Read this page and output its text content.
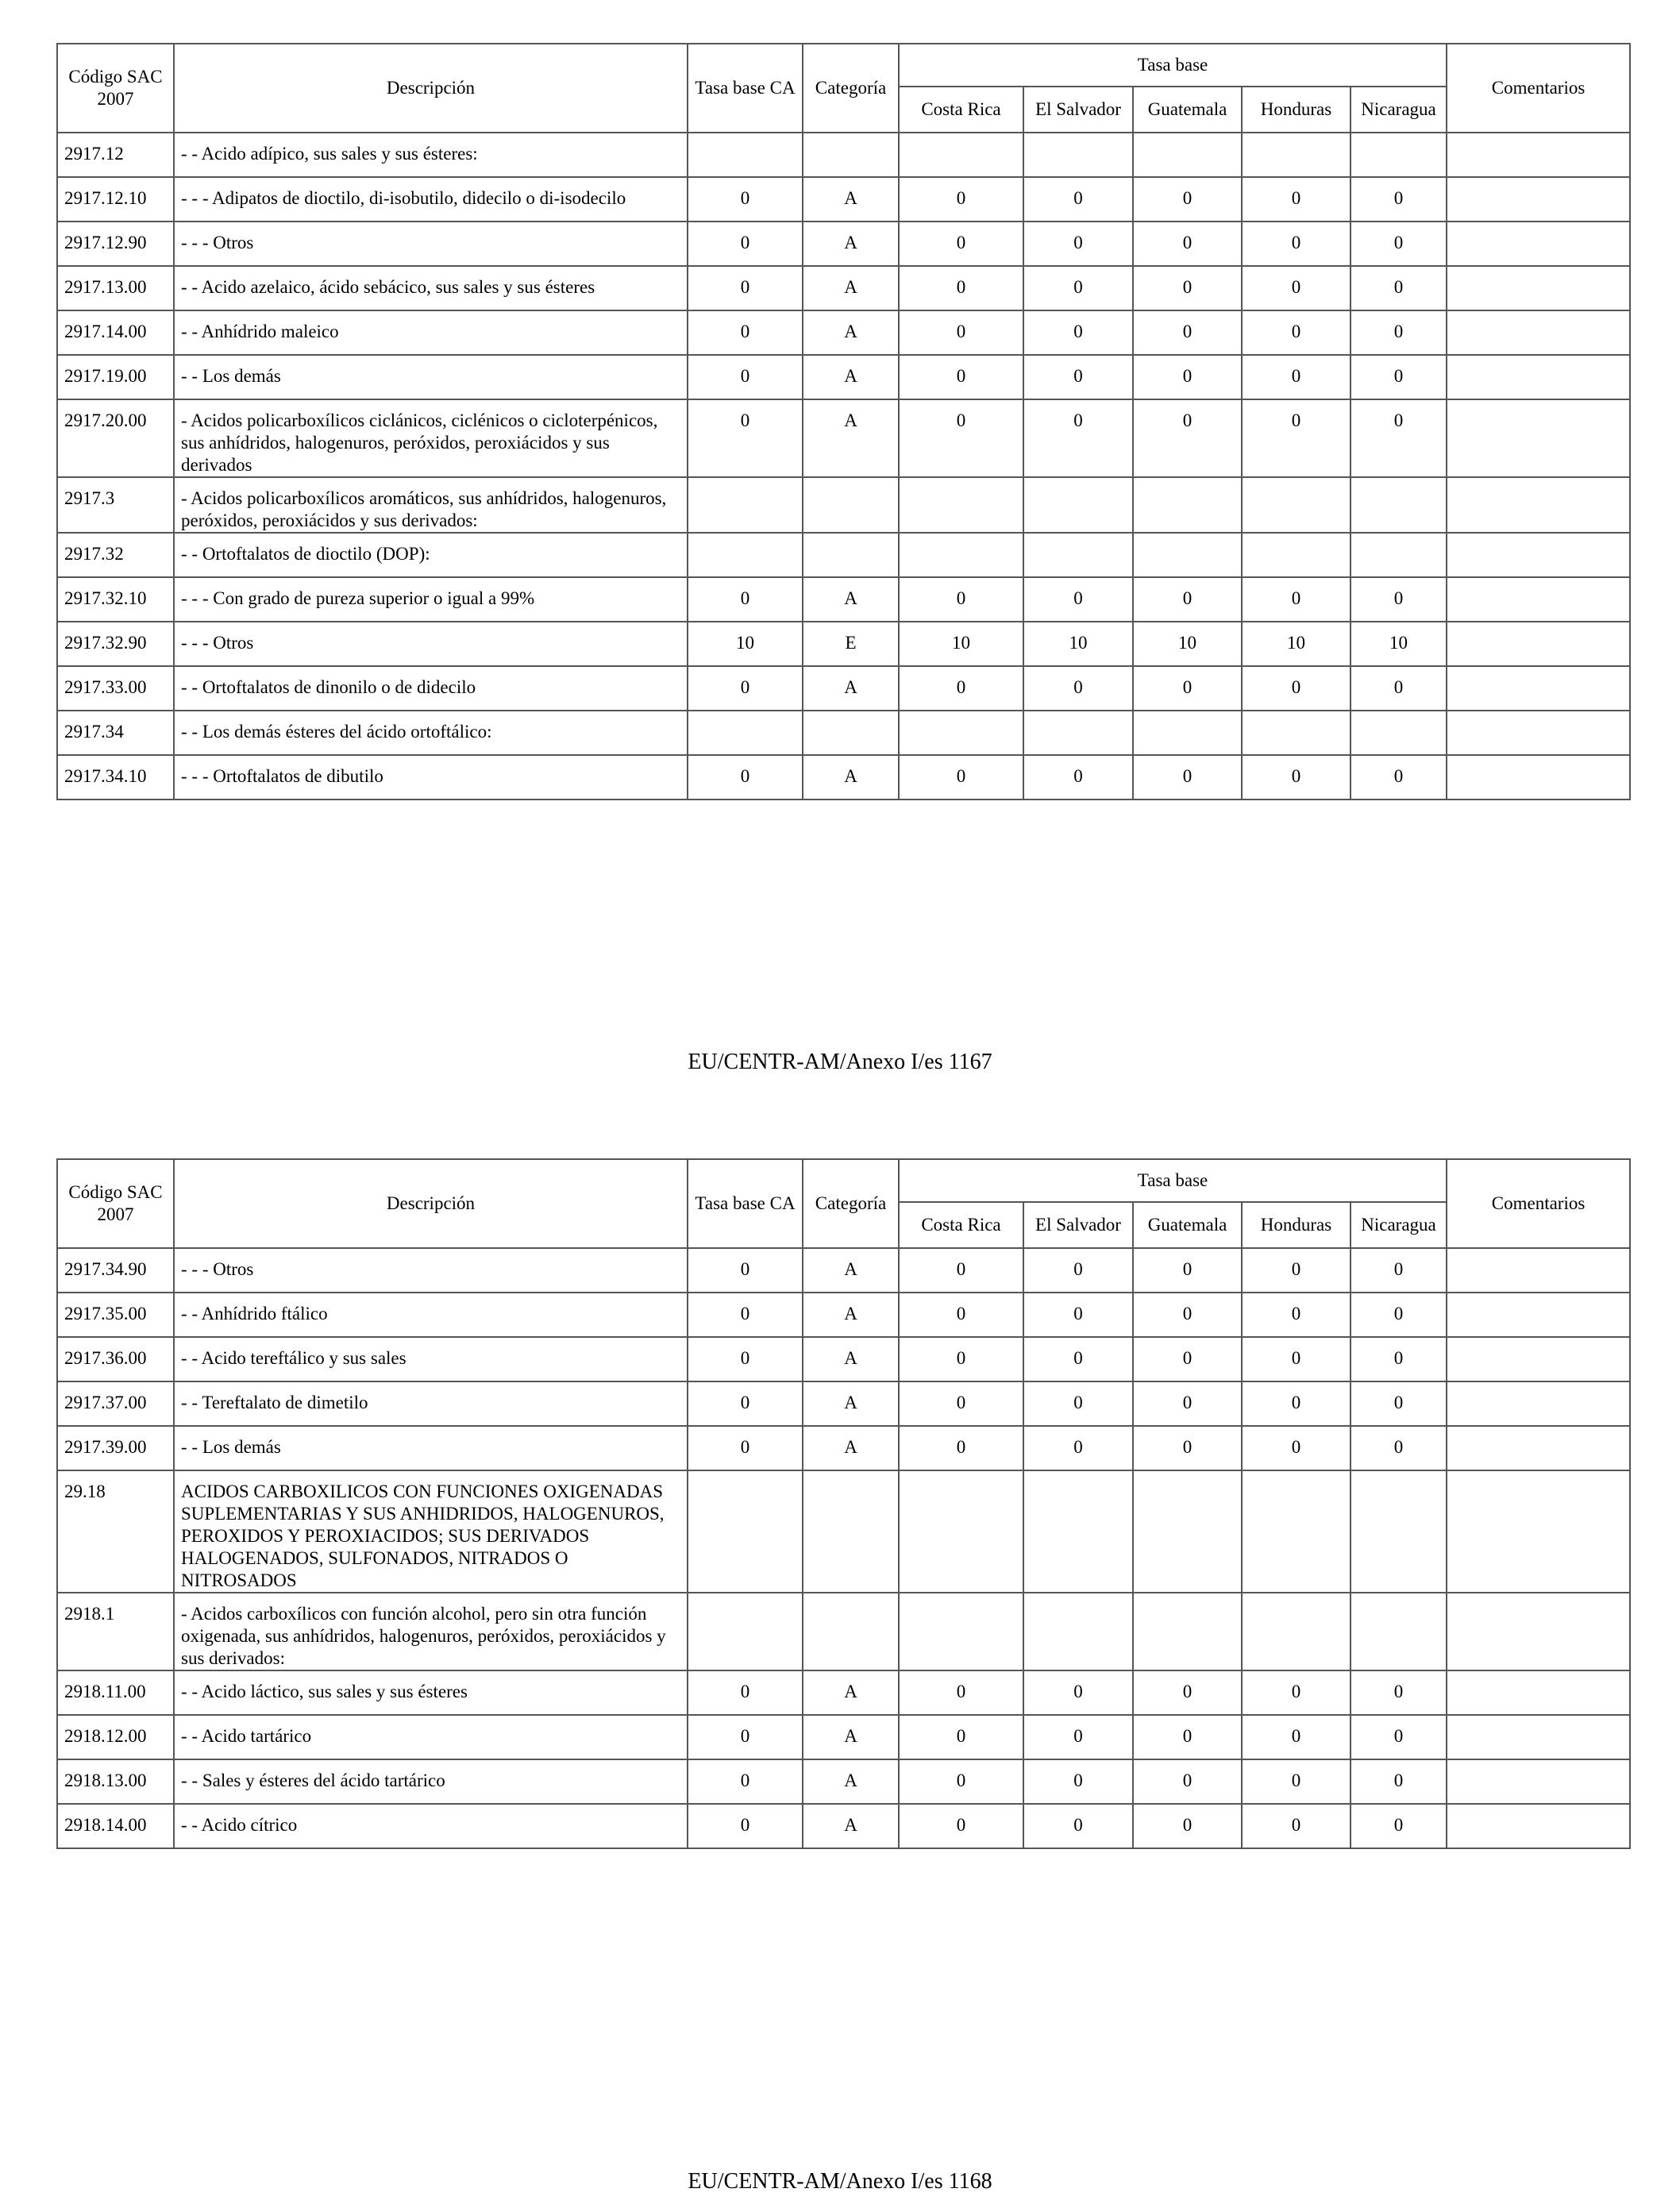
Código SAC 2007	Descripción	Tasa base CA	Categoría	Tasa base					Comentarios
				Costa Rica	El Salvador	Guatemala	Honduras	Nicaragua	
2917.12	- - Acido adípico, sus sales y sus ésteres:								
2917.12.10	- - - Adipatos de dioctilo, di-isobutilo, didecilo o di-isodecilo	0	A	0	0	0	0	0	
2917.12.90	- - - Otros	0	A	0	0	0	0	0	
2917.13.00	- - Acido azelaico, ácido sebácico, sus sales y sus ésteres	0	A	0	0	0	0	0	
2917.14.00	- - Anhídrido maleico	0	A	0	0	0	0	0	
2917.19.00	- - Los demás	0	A	0	0	0	0	0	
2917.20.00	- Acidos policarboxílicos ciclánicos, ciclénicos o cicloterpénicos, sus anhídridos, halogenuros, peróxidos, peroxiácidos y sus derivados	0	A	0	0	0	0	0	
2917.3	- Acidos policarboxílicos aromáticos, sus anhídridos, halogenuros, peróxidos, peroxiácidos y sus derivados:								
2917.32	- - Ortoftalatos de dioctilo (DOP):								
2917.32.10	- - - Con grado de pureza superior o igual a 99%	0	A	0	0	0	0	0	
2917.32.90	- - - Otros	10	E	10	10	10	10	10	
2917.33.00	- - Ortoftalatos de dinonilo o de didecilo	0	A	0	0	0	0	0	
2917.34	- - Los demás ésteres del ácido ortoftálico:								
2917.34.10	- - - Ortoftalatos de dibutilo	0	A	0	0	0	0	0	
EU/CENTR-AM/Anexo I/es 1167
Código SAC 2007	Descripción	Tasa base CA	Categoría	Tasa base					Comentarios
				Costa Rica	El Salvador	Guatemala	Honduras	Nicaragua	
2917.34.90	- - - Otros	0	A	0	0	0	0	0	
2917.35.00	- - Anhídrido ftálico	0	A	0	0	0	0	0	
2917.36.00	- - Acido tereftálico y sus sales	0	A	0	0	0	0	0	
2917.37.00	- - Tereftalato de dimetilo	0	A	0	0	0	0	0	
2917.39.00	- - Los demás	0	A	0	0	0	0	0	
29.18	ACIDOS CARBOXILICOS CON FUNCIONES OXIGENADAS SUPLEMENTARIAS Y SUS ANHIDRIDOS, HALOGENUROS, PEROXIDOS Y PEROXIACIDOS; SUS DERIVADOS HALOGENADOS, SULFONADOS, NITRADOS O NITROSADOS								
2918.1	- Acidos carboxílicos con función alcohol, pero sin otra función oxigenada, sus anhídridos, halogenuros, peróxidos, peroxiácidos y sus derivados:								
2918.11.00	- - Acido láctico, sus sales y sus ésteres	0	A	0	0	0	0	0	
2918.12.00	- - Acido tartárico	0	A	0	0	0	0	0	
2918.13.00	- - Sales y ésteres del ácido tartárico	0	A	0	0	0	0	0	
2918.14.00	- - Acido cítrico	0	A	0	0	0	0	0	
EU/CENTR-AM/Anexo I/es 1168
